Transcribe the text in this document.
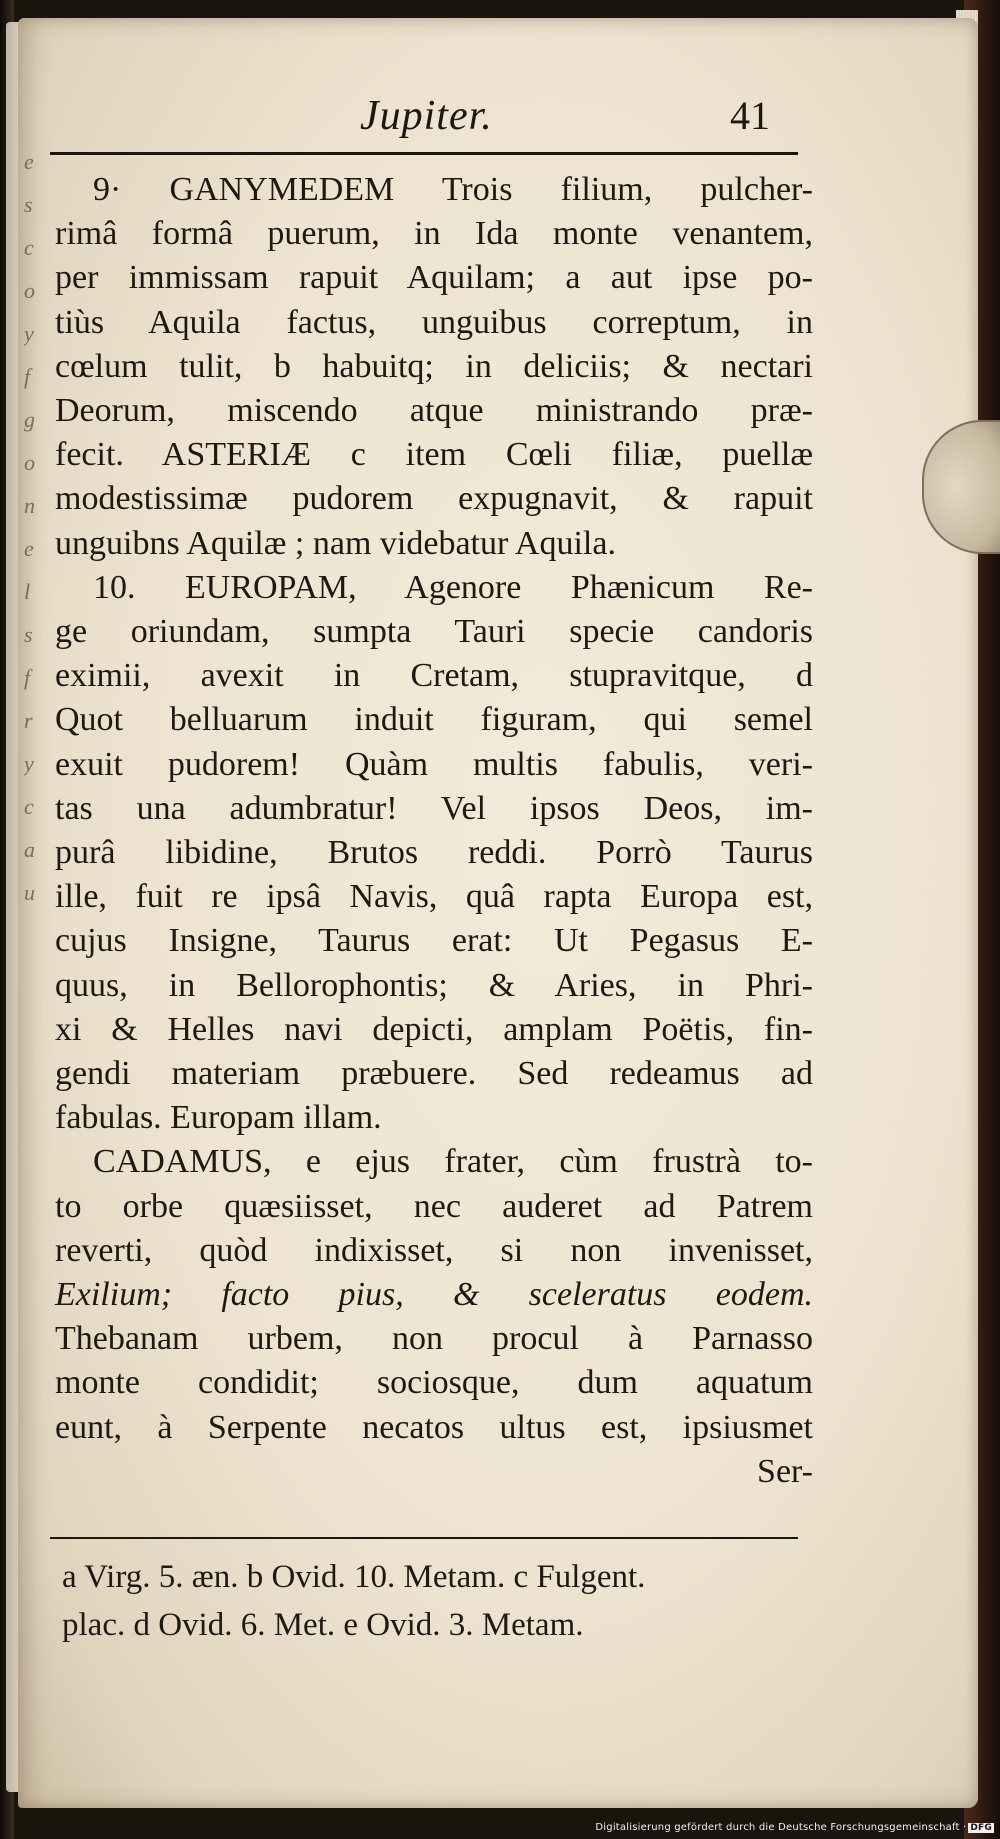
e
s
c
o
y
f
g
o
n
e
l
s
f
r
y
c
a
u
Jupiter.	41
9· GANYMEDEM Trois filium, pulcher-
rimâ formâ puerum, in Ida monte venantem,
per immissam rapuit Aquilam; a aut ipse po-
tiùs Aquila factus, unguibus correptum, in
cœlum tulit, b habuitq; in deliciis; & nectari
Deorum, miscendo atque ministrando præ-
fecit. ASTERIÆ c item Cœli filiæ, puellæ
modestissimæ pudorem expugnavit, & rapuit
unguibns Aquilæ ; nam videbatur Aquila.
10. EUROPAM, Agenore Phænicum Re-
ge oriundam, sumpta Tauri specie candoris
eximii, avexit in Cretam, stupravitque, d
Quot belluarum induit figuram, qui semel
exuit pudorem! Quàm multis fabulis, veri-
tas una adumbratur! Vel ipsos Deos, im-
purâ libidine, Brutos reddi. Porrò Taurus
ille, fuit re ipsâ Navis, quâ rapta Europa est,
cujus Insigne, Taurus erat: Ut Pegasus E-
quus, in Bellorophontis; & Aries, in Phri-
xi & Helles navi depicti, amplam Poëtis, fin-
gendi materiam præbuere. Sed redeamus ad
fabulas. Europam illam.
CADAMUS, e ejus frater, cùm frustrà to-
to orbe quæsiisset, nec auderet ad Patrem
reverti, quòd indixisset, si non invenisset,
Exilium; facto pius, & sceleratus eodem.
Thebanam urbem, non procul à Parnasso
monte condidit; sociosque, dum aquatum
eunt, à Serpente necatos ultus est, ipsiusmet
Ser-
a Virg. 5. æn. b Ovid. 10. Metam. c Fulgent.
plac. d Ovid. 6. Met. e Ovid. 3. Metam.
Digitalisierung gefördert durch die Deutsche Forschungsgemeinschaft · DFG
